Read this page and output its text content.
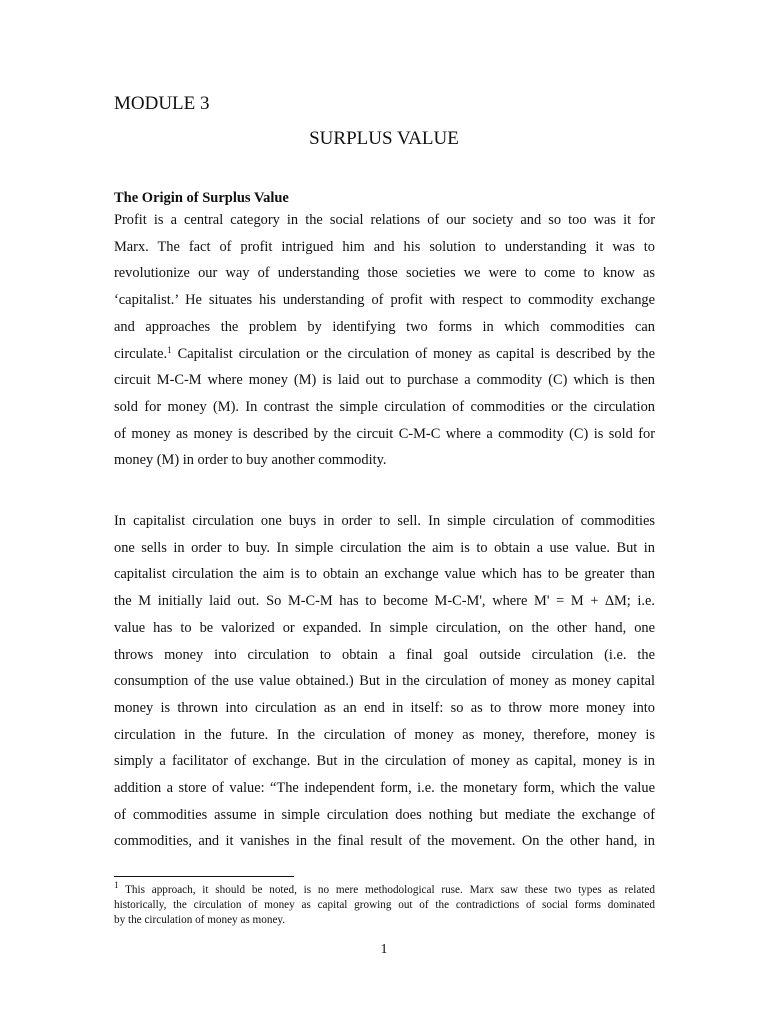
MODULE 3

SURPLUS VALUE

The Origin of Surplus Value

Profit is a central category in the social relations of our society and so too was it for
Marx. The fact of profit intrigued him and his solution to understanding it was to
revolutionize our way of understanding those societies we were to come to know as
‘capitalist.’ He situates his understanding of profit with respect to commodity exchange
and approaches the problem by identifying two forms in which commodities can
circulate.$^1$ Capitalist circulation or the circulation of money as capital is described by the
circuit M-C-M where money (M) is laid out to purchase a commodity (C) which is then
sold for money (M). In contrast the simple circulation of commodities or the circulation
of money as money is described by the circuit C-M-C where a commodity (C) is sold for
money (M) in order to buy another commodity.
In capitalist circulation one buys in order to sell. In simple circulation of commodities
one sells in order to buy. In simple circulation the aim is to obtain a use value. But in
capitalist circulation the aim is to obtain an exchange value which has to be greater than
the M initially laid out. So M-C-M has to become M-C-M', where M' = M + ∆M; i.e.
value has to be valorized or expanded. In simple circulation, on the other hand, one
throws money into circulation to obtain a final goal outside circulation (i.e. the
consumption of the use value obtained.) But in the circulation of money as money capital
money is thrown into circulation as an end in itself: so as to throw more money into
circulation in the future. In the circulation of money as money, therefore, money is
simply a facilitator of exchange. But in the circulation of money as capital, money is in
addition a store of value: “The independent form, i.e. the monetary form, which the value
of commodities assume in simple circulation does nothing but mediate the exchange of
commodities, and it vanishes in the final result of the movement. On the other hand, in
$^1$ This approach, it should be noted, is no mere methodological ruse. Marx saw these two types as related
historically, the circulation of money as capital growing out of the contradictions of social forms dominated
by the circulation of money as money.

1
